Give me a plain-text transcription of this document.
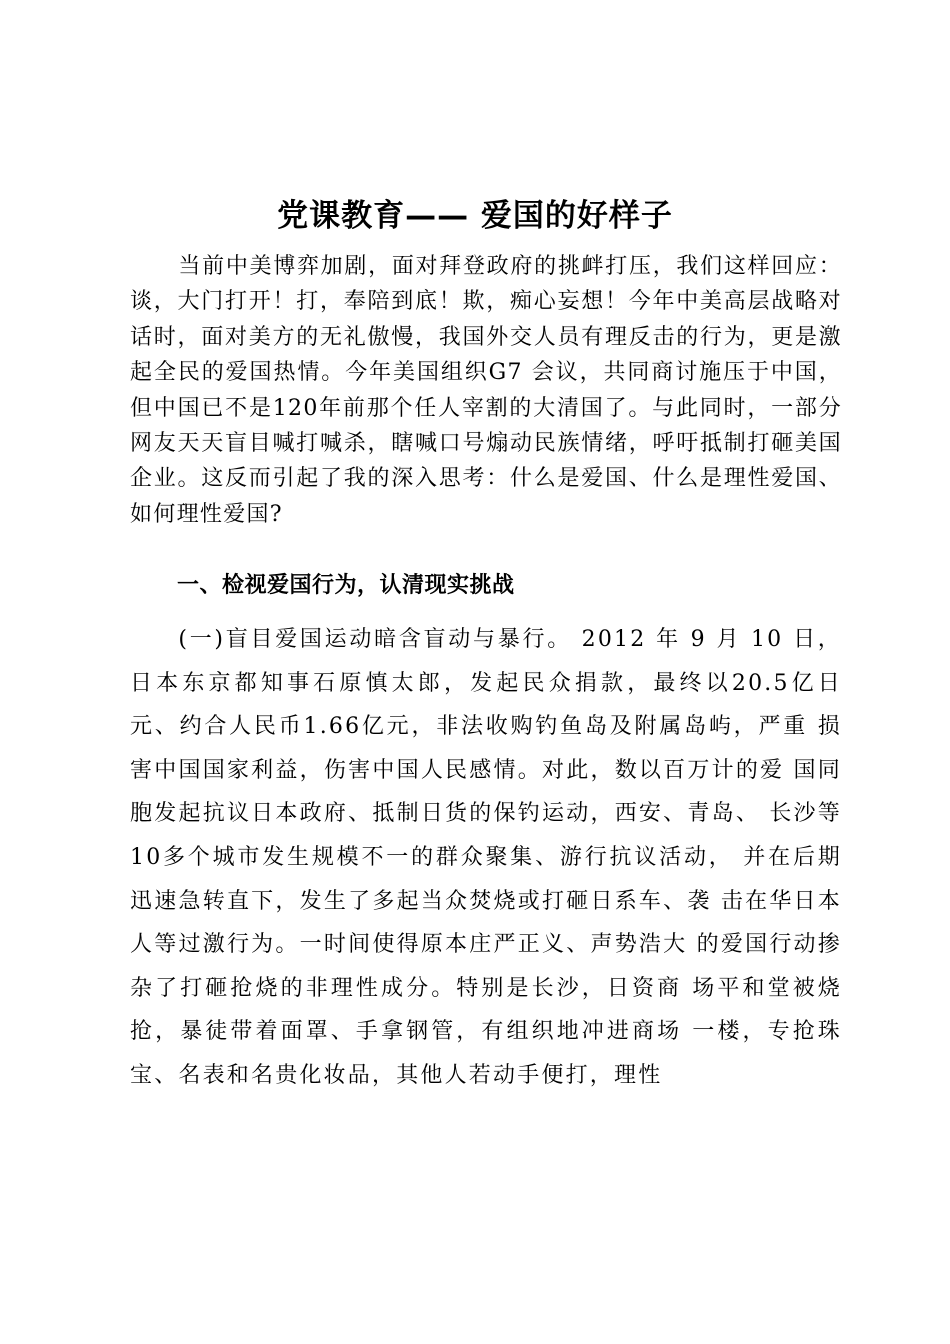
党课教育—— 爱国的好样子

当前中美博弈加剧，面对拜登政府的挑衅打压，我们这样回应：谈，大门打开！打，奉陪到底！欺，痴心妄想！今年中美高层战略对话时，面对美方的无礼傲慢，我国外交人员有理反击的行为，更是激起全民的爱国热情。今年美国组织G7 会议，共同商讨施压于中国，但中国已不是120年前那个任人宰割的大清国了。与此同时，一部分网友天天盲目喊打喊杀，瞎喊口号煽动民族情绪，呼吁抵制打砸美国企业。这反而引起了我的深入思考：什么是爱国、什么是理性爱国、如何理性爱国?

一、检视爱国行为，认清现实挑战

(一)盲目爱国运动暗含盲动与暴行。 2012 年 9 月 10 日， 日本东京都知事石原慎太郎，发起民众捐款，最终以20.5亿日 元、约合人民币1.66亿元，非法收购钓鱼岛及附属岛屿，严重 损害中国国家利益，伤害中国人民感情。对此，数以百万计的爱 国同胞发起抗议日本政府、抵制日货的保钓运动，西安、青岛、 长沙等10多个城市发生规模不一的群众聚集、游行抗议活动， 并在后期迅速急转直下，发生了多起当众焚烧或打砸日系车、袭 击在华日本人等过激行为。一时间使得原本庄严正义、声势浩大 的爱国行动掺杂了打砸抢烧的非理性成分。特别是长沙，日资商 场平和堂被烧抢，暴徒带着面罩、手拿钢管，有组织地冲进商场 一楼，专抢珠宝、名表和名贵化妆品，其他人若动手便打，理性
